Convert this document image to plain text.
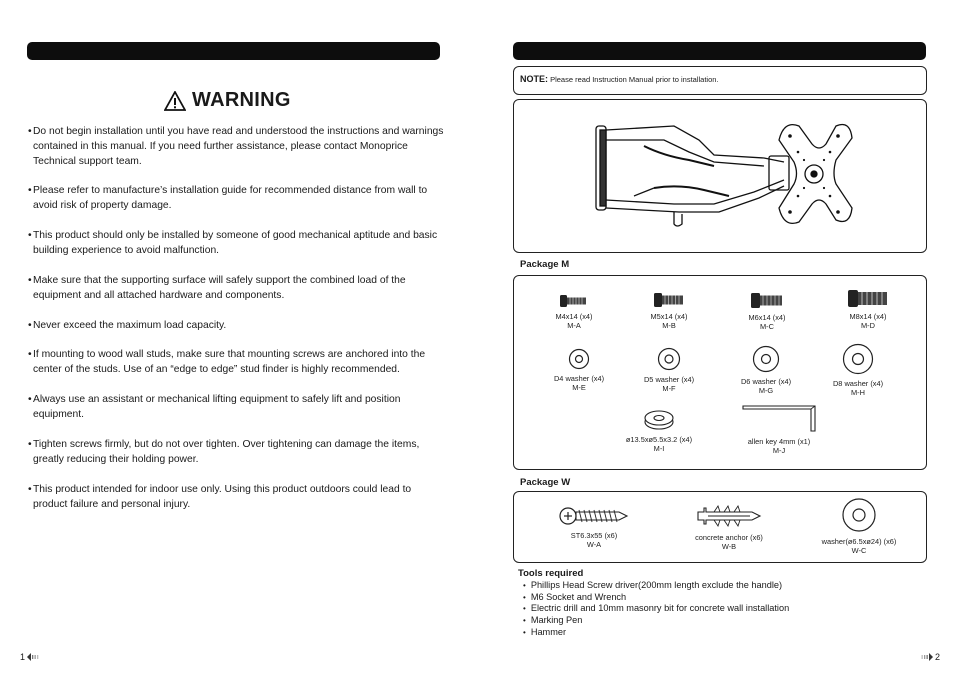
WARNING
• Do not begin installation until you have read and understood the instructions and warnings contained in this manual. If you need further assistance, please contact Monoprice Technical support team.
• Please refer to manufacture’s installation guide for recommended distance from wall to avoid risk of property damage.
• This product should only be installed by someone of good mechanical aptitude and basic building experience to avoid malfunction.
• Make sure that the supporting surface will safely support the combined load of the equipment and all attached hardware and components.
• Never exceed the maximum load capacity.
• If mounting to wood wall studs, make sure that mounting screws are anchored into the center of the studs. Use of an “edge to edge” stud finder is highly recommended.
• Always use an assistant or mechanical lifting equipment to safely lift and position equipment.
• Tighten screws firmly, but do not over tighten. Over tightening can damage the items, greatly reducing their holding power.
• This product intended for indoor use only. Using this product outdoors could lead to product failure and personal injury.
1
NOTE: Please read Instruction Manual prior to installation.
Package M
M4x14 (x4)
M-A
M5x14 (x4)
M-B
M6x14 (x4)
M-C
M8x14 (x4)
M-D
D4 washer (x4)
M-E
D5 washer (x4)
M-F
D6 washer (x4)
M-G
D8 washer (x4)
M-H
ø13.5xø5.5x3.2 (x4)
M-I
allen key 4mm (x1)
M-J
Package W
ST6.3x55 (x6)
W-A
concrete anchor (x6)
W-B
washer(ø6.5xø24) (x6)
W-C
Tools required
• Phillips Head Screw driver(200mm length exclude the handle)
• M6 Socket and Wrench
• Electric drill and 10mm masonry bit for concrete wall installation
• Marking Pen
• Hammer
2
